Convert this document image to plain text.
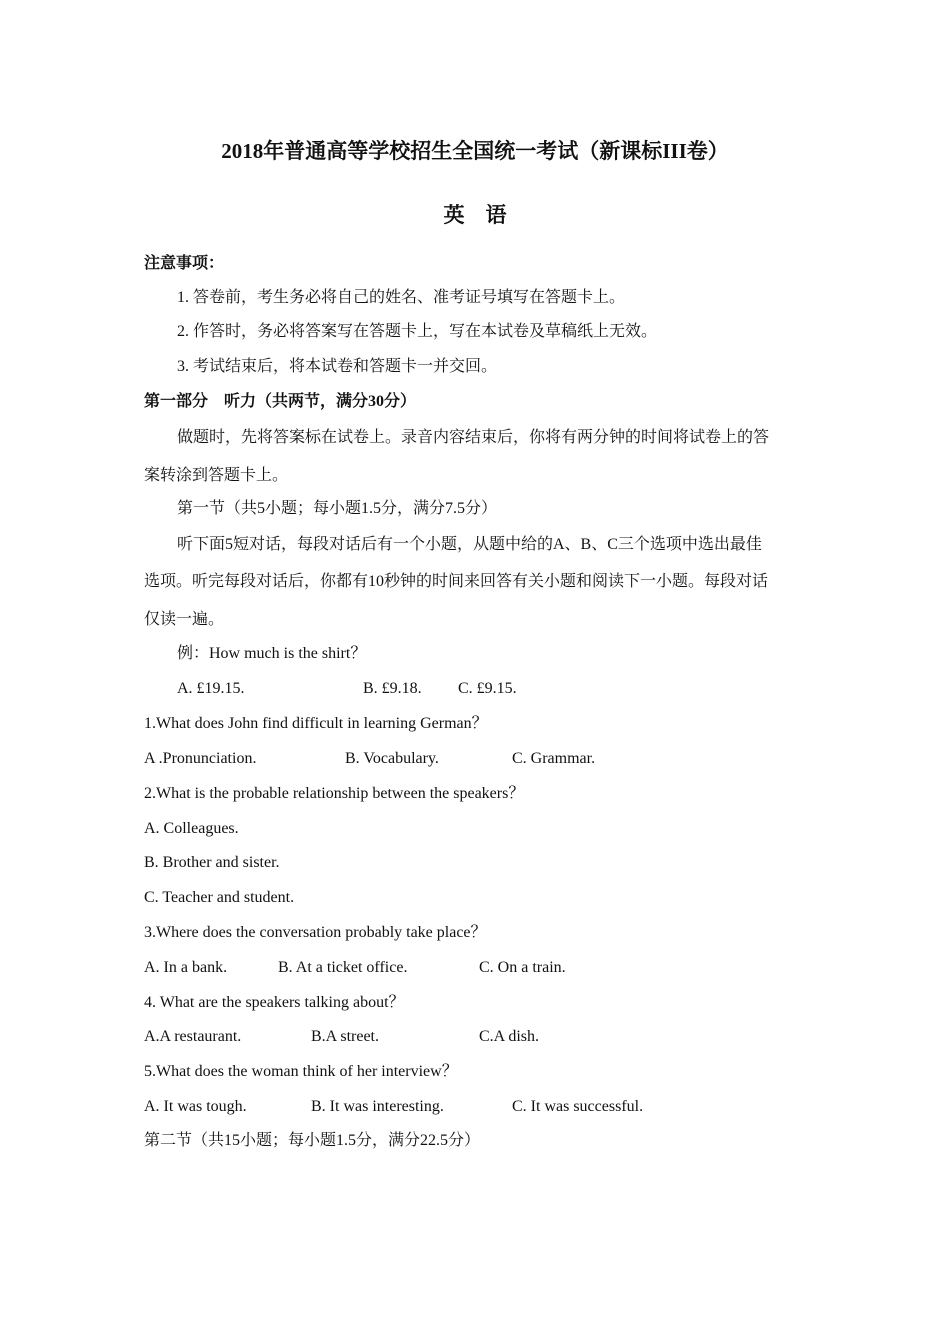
2018年普通高等学校招生全国统一考试（新课标III卷）
英　语
注意事项：
1. 答卷前，考生务必将自己的姓名、准考证号填写在答题卡上。
2. 作答时，务必将答案写在答题卡上，写在本试卷及草稿纸上无效。
3. 考试结束后，将本试卷和答题卡一并交回。
第一部分　听力（共两节，满分30分）
做题时，先将答案标在试卷上。录音内容结束后，你将有两分钟的时间将试卷上的答
案转涂到答题卡上。
第一节（共5小题；每小题1.5分，满分7.5分）
听下面5短对话，每段对话后有一个小题，从题中给的A、B、C三个选项中选出最佳
选项。听完每段对话后，你都有10秒钟的时间来回答有关小题和阅读下一小题。每段对话
仅读一遍。
例：How much is the shirt？
A. £19.15.	B. £9.18. C. £9.15.
1.What does John find difficult in learning German？
A .Pronunciation.	B. Vocabulary.	C. Grammar.
2.What is the probable relationship between the speakers？
A. Colleagues.
B. Brother and sister.
C. Teacher and student.
3.Where does the conversation probably take place？
A. In a bank.	B. At a ticket office.	C. On a train.
4. What are the speakers talking about？
A.A restaurant.	B.A street.	C.A dish.
5.What does the woman think of her interview？
A. It was tough.	B. It was interesting.	C. It was successful.
第二节（共15小题；每小题1.5分，满分22.5分）
